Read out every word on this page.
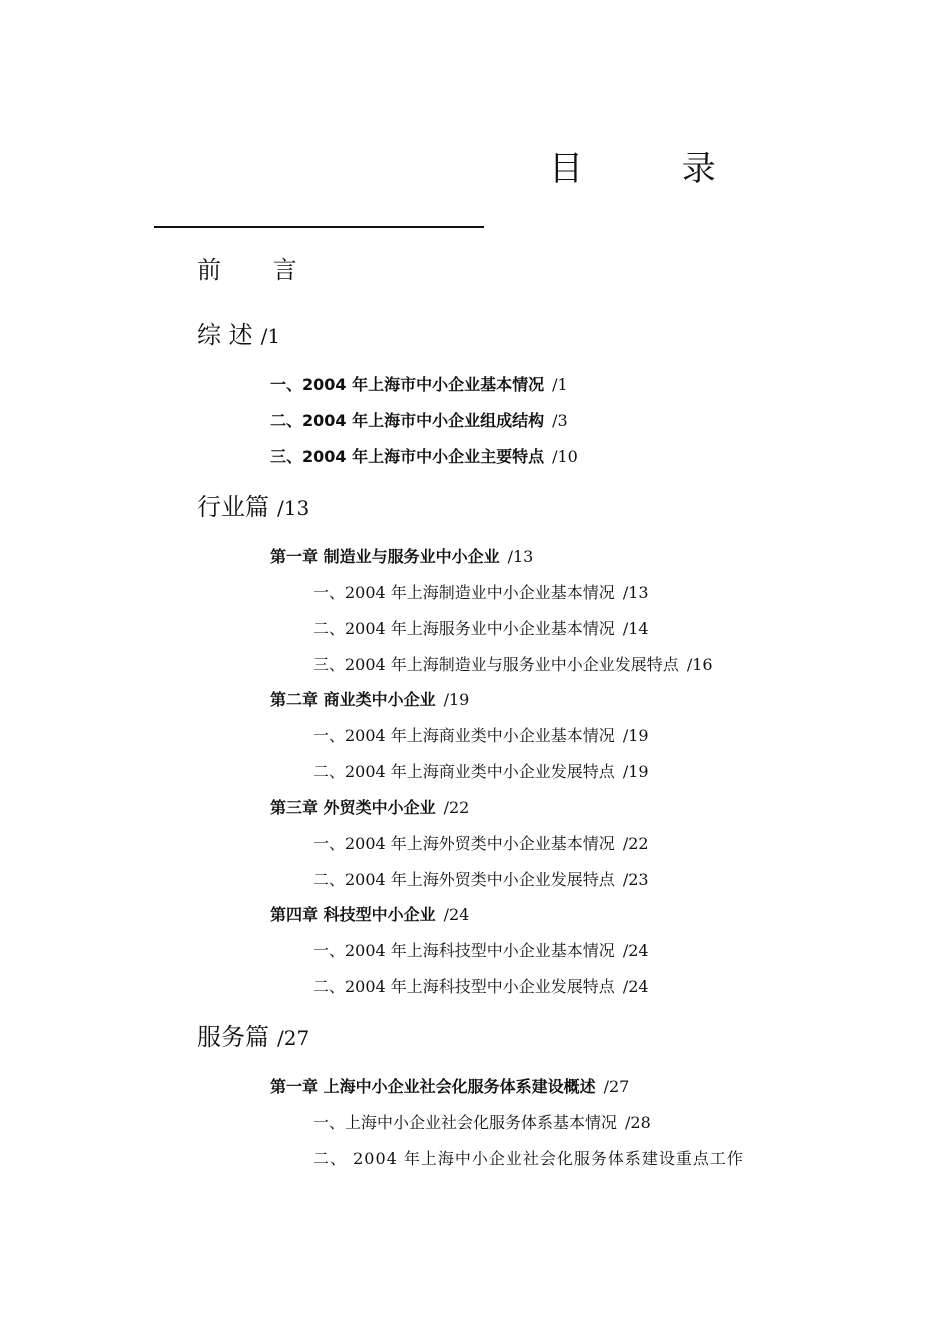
目 录
前 言
综 述 /1
一、2004 年上海市中小企业基本情况 /1
二、2004 年上海市中小企业组成结构 /3
三、2004 年上海市中小企业主要特点 /10
行业篇 /13
第一章 制造业与服务业中小企业 /13
一、2004 年上海制造业中小企业基本情况 /13
二、2004 年上海服务业中小企业基本情况 /14
三、2004 年上海制造业与服务业中小企业发展特点 /16
第二章 商业类中小企业 /19
一、2004 年上海商业类中小企业基本情况 /19
二、2004 年上海商业类中小企业发展特点 /19
第三章 外贸类中小企业 /22
一、2004 年上海外贸类中小企业基本情况 /22
二、2004 年上海外贸类中小企业发展特点 /23
第四章 科技型中小企业 /24
一、2004 年上海科技型中小企业基本情况 /24
二、2004 年上海科技型中小企业发展特点 /24
服务篇 /27
第一章 上海中小企业社会化服务体系建设概述 /27
一、上海中小企业社会化服务体系基本情况 /28
二、 2004 年上海中小企业社会化服务体系建设重点工作
